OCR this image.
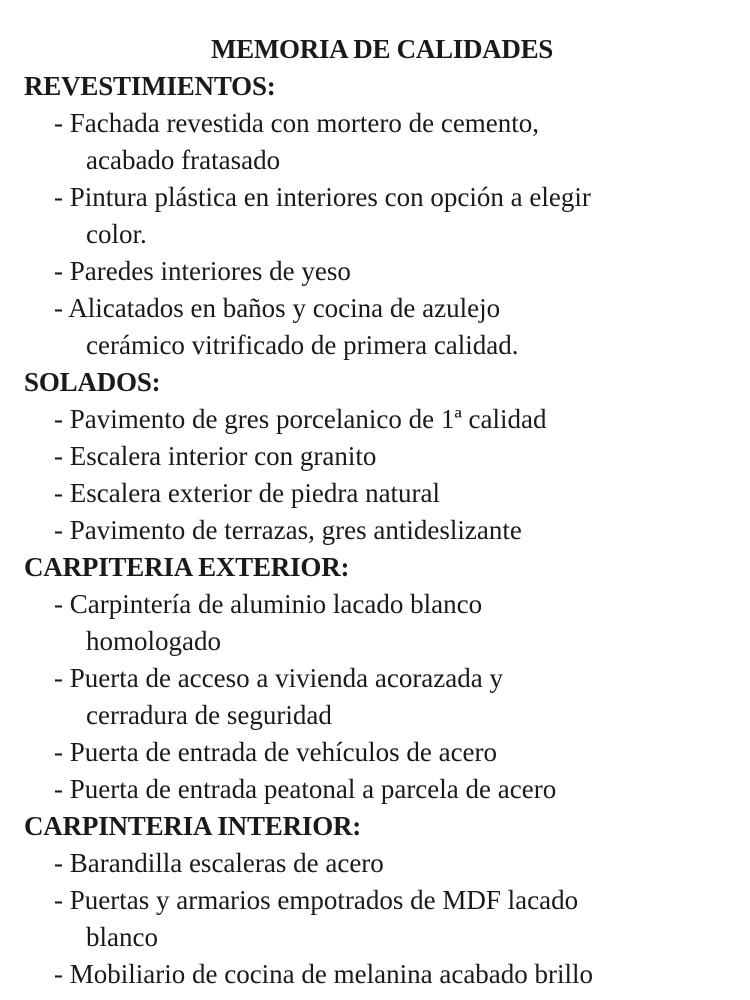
MEMORIA DE CALIDADES
REVESTIMIENTOS:
- Fachada revestida con mortero de cemento,
acabado fratasado
- Pintura plástica en interiores con opción a elegir
color.
- Paredes interiores de yeso
- Alicatados en baños y cocina de azulejo
cerámico vitrificado de primera calidad.
SOLADOS:
- Pavimento de gres porcelanico de 1ª calidad
- Escalera interior con granito
- Escalera exterior de piedra natural
- Pavimento de terrazas, gres antideslizante
CARPITERIA EXTERIOR:
- Carpintería de aluminio lacado blanco
homologado
- Puerta de acceso a vivienda acorazada y
cerradura de seguridad
- Puerta de entrada de vehículos de acero
- Puerta de entrada peatonal a parcela de acero
CARPINTERIA INTERIOR:
- Barandilla escaleras de acero
- Puertas y armarios empotrados de MDF lacado
blanco
- Mobiliario de cocina de melanina acabado brillo
